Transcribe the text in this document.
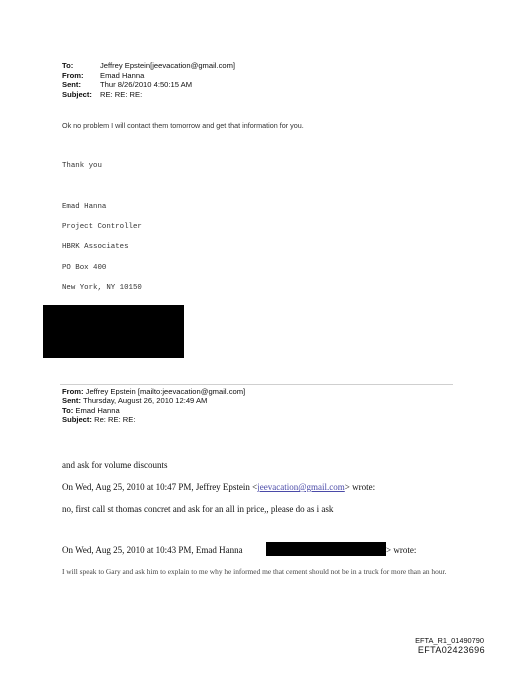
To:	Jeffrey Epstein[jeevacation@gmail.com]
From:	Emad Hanna
Sent:	Thur 8/26/2010 4:50:15 AM
Subject:	RE: RE: RE:
Ok no problem I will contact them tomorrow and get that information for you.
Thank you
Emad Hanna
Project Controller
HBRK Associates
PO Box 400
New York, NY 10150
From: Jeffrey Epstein [mailto:jeevacation@gmail.com]
Sent: Thursday, August 26, 2010 12:49 AM
To: Emad Hanna
Subject: Re: RE: RE:
and ask for volume discounts
On Wed, Aug 25, 2010 at 10:47 PM, Jeffrey Epstein <jeevacation@gmail.com> wrote:
no, first call st thomas concret and ask for an all in price,, please do as i ask
On Wed, Aug 25, 2010 at 10:43 PM, Emad Hanna	> wrote:
I will speak to Gary and ask him to explain to me why he informed me that cement should not be in a truck for more than an hour.
EFTA_R1_01490790
EFTA02423696
